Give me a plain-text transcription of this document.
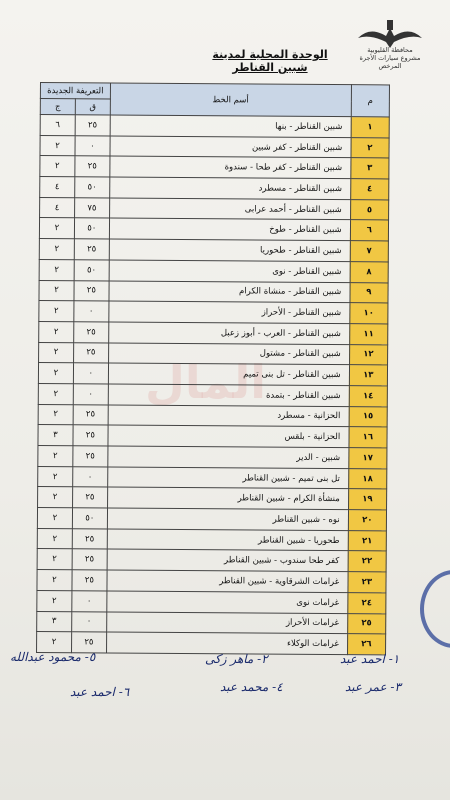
محافظة القليوبية
مشروع سيارات الأجرة المرخص
الوحدة المحلية لمدينة شبين القناطر
المال
التعريفة الجديدة		أسم الخط	م
ج	ق		
٦	٢٥	شبين القناطر - بنها	١
٢	٠	شبين القناطر - كفر شبين	٢
٢	٢٥	شبين القناطر - كفر طحا - سندوة	٣
٤	٥٠	شبين القناطر - مسطرد	٤
٤	٧٥	شبين القناطر - أحمد عرابى	٥
٢	٥٠	شبين القناطر - طوخ	٦
٢	٢٥	شبين القناطر - طحوريا	٧
٢	٥٠	شبين القناطر - نوى	٨
٢	٢٥	شبين القناطر - منشاة الكرام	٩
٢	٠	شبين القناطر - الأحراز	١٠
٢	٢٥	شبين القناطر - العرب - أبوز زعبل	١١
٢	٢٥	شبين القناطر - مشتول	١٢
٢	٠	شبين القناطر - تل بنى تميم	١٣
٢	٠	شبين القناطر - بتمدة	١٤
٢	٢٥	الحزانية - مسطرد	١٥
٣	٢٥	الحزانية - بلقس	١٦
٢	٢٥	شبين - الدير	١٧
٢	٠	تل بنى تميم - شبين القناطر	١٨
٢	٢٥	منشأة الكرام - شبين القناطر	١٩
٢	٥٠	نوه - شبين القناطر	٢٠
٢	٢٥	طحوريا - شبين القناطر	٢١
٢	٢٥	كفر طحا سندوب - شبين القناطر	٢٢
٢	٢٥	غرامات الشرقاوية - شبين القناطر	٢٣
٢	٠	غرامات نوى	٢٤
٣	٠	غرامات الأحراز	٢٥
٢	٢٥	غرامات الوكلاء	٢٦
٥- محمود عبدالله	٢- ماهر زكى	١- احمد عبد
٦- احمد عبد	٤- محمد عبد	٣- عمر عبد
